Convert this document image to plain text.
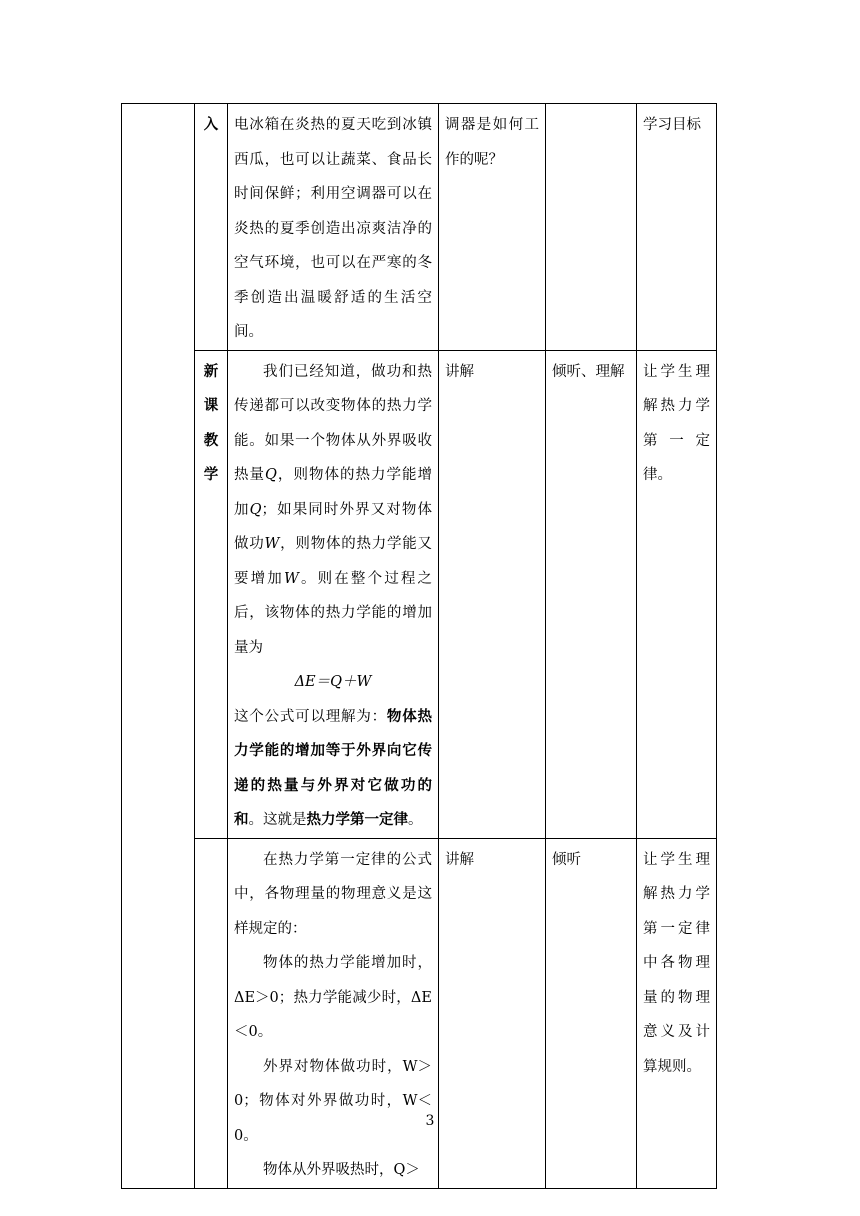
	入	电冰箱在炎热的夏天吃到冰镇西瓜，也可以让蔬菜、食品长时间保鲜；利用空调器可以在炎热的夏季创造出凉爽洁净的空气环境，也可以在严寒的冬季创造出温暖舒适的生活空间。	调器是如何工作的呢？		学习目标

	新
课
教
学	我们已经知道，做功和热传递都可以改变物体的热力学能。如果一个物体从外界吸收热量Q，则物体的热力学能增加Q；如果同时外界又对物体做功W，则物体的热力学能又要增加W。则在整个过程之后，该物体的热力学能的增加量为
ΔE＝Q＋W
这个公式可以理解为：物体热力学能的增加等于外界向它传递的热量与外界对它做功的和。这就是热力学第一定律。	讲解	倾听、理解	让学生理解热力学第一定律。

		在热力学第一定律的公式中，各物理量的物理意义是这样规定的：
物体的热力学能增加时，ΔE＞0；热力学能减少时，ΔE＜0。
外界对物体做功时，W＞0；物体对外界做功时，W＜0。
物体从外界吸热时，Q＞	讲解	倾听	让学生理解热力学第一定律中各物理量的物理意义及计算规则。
3
